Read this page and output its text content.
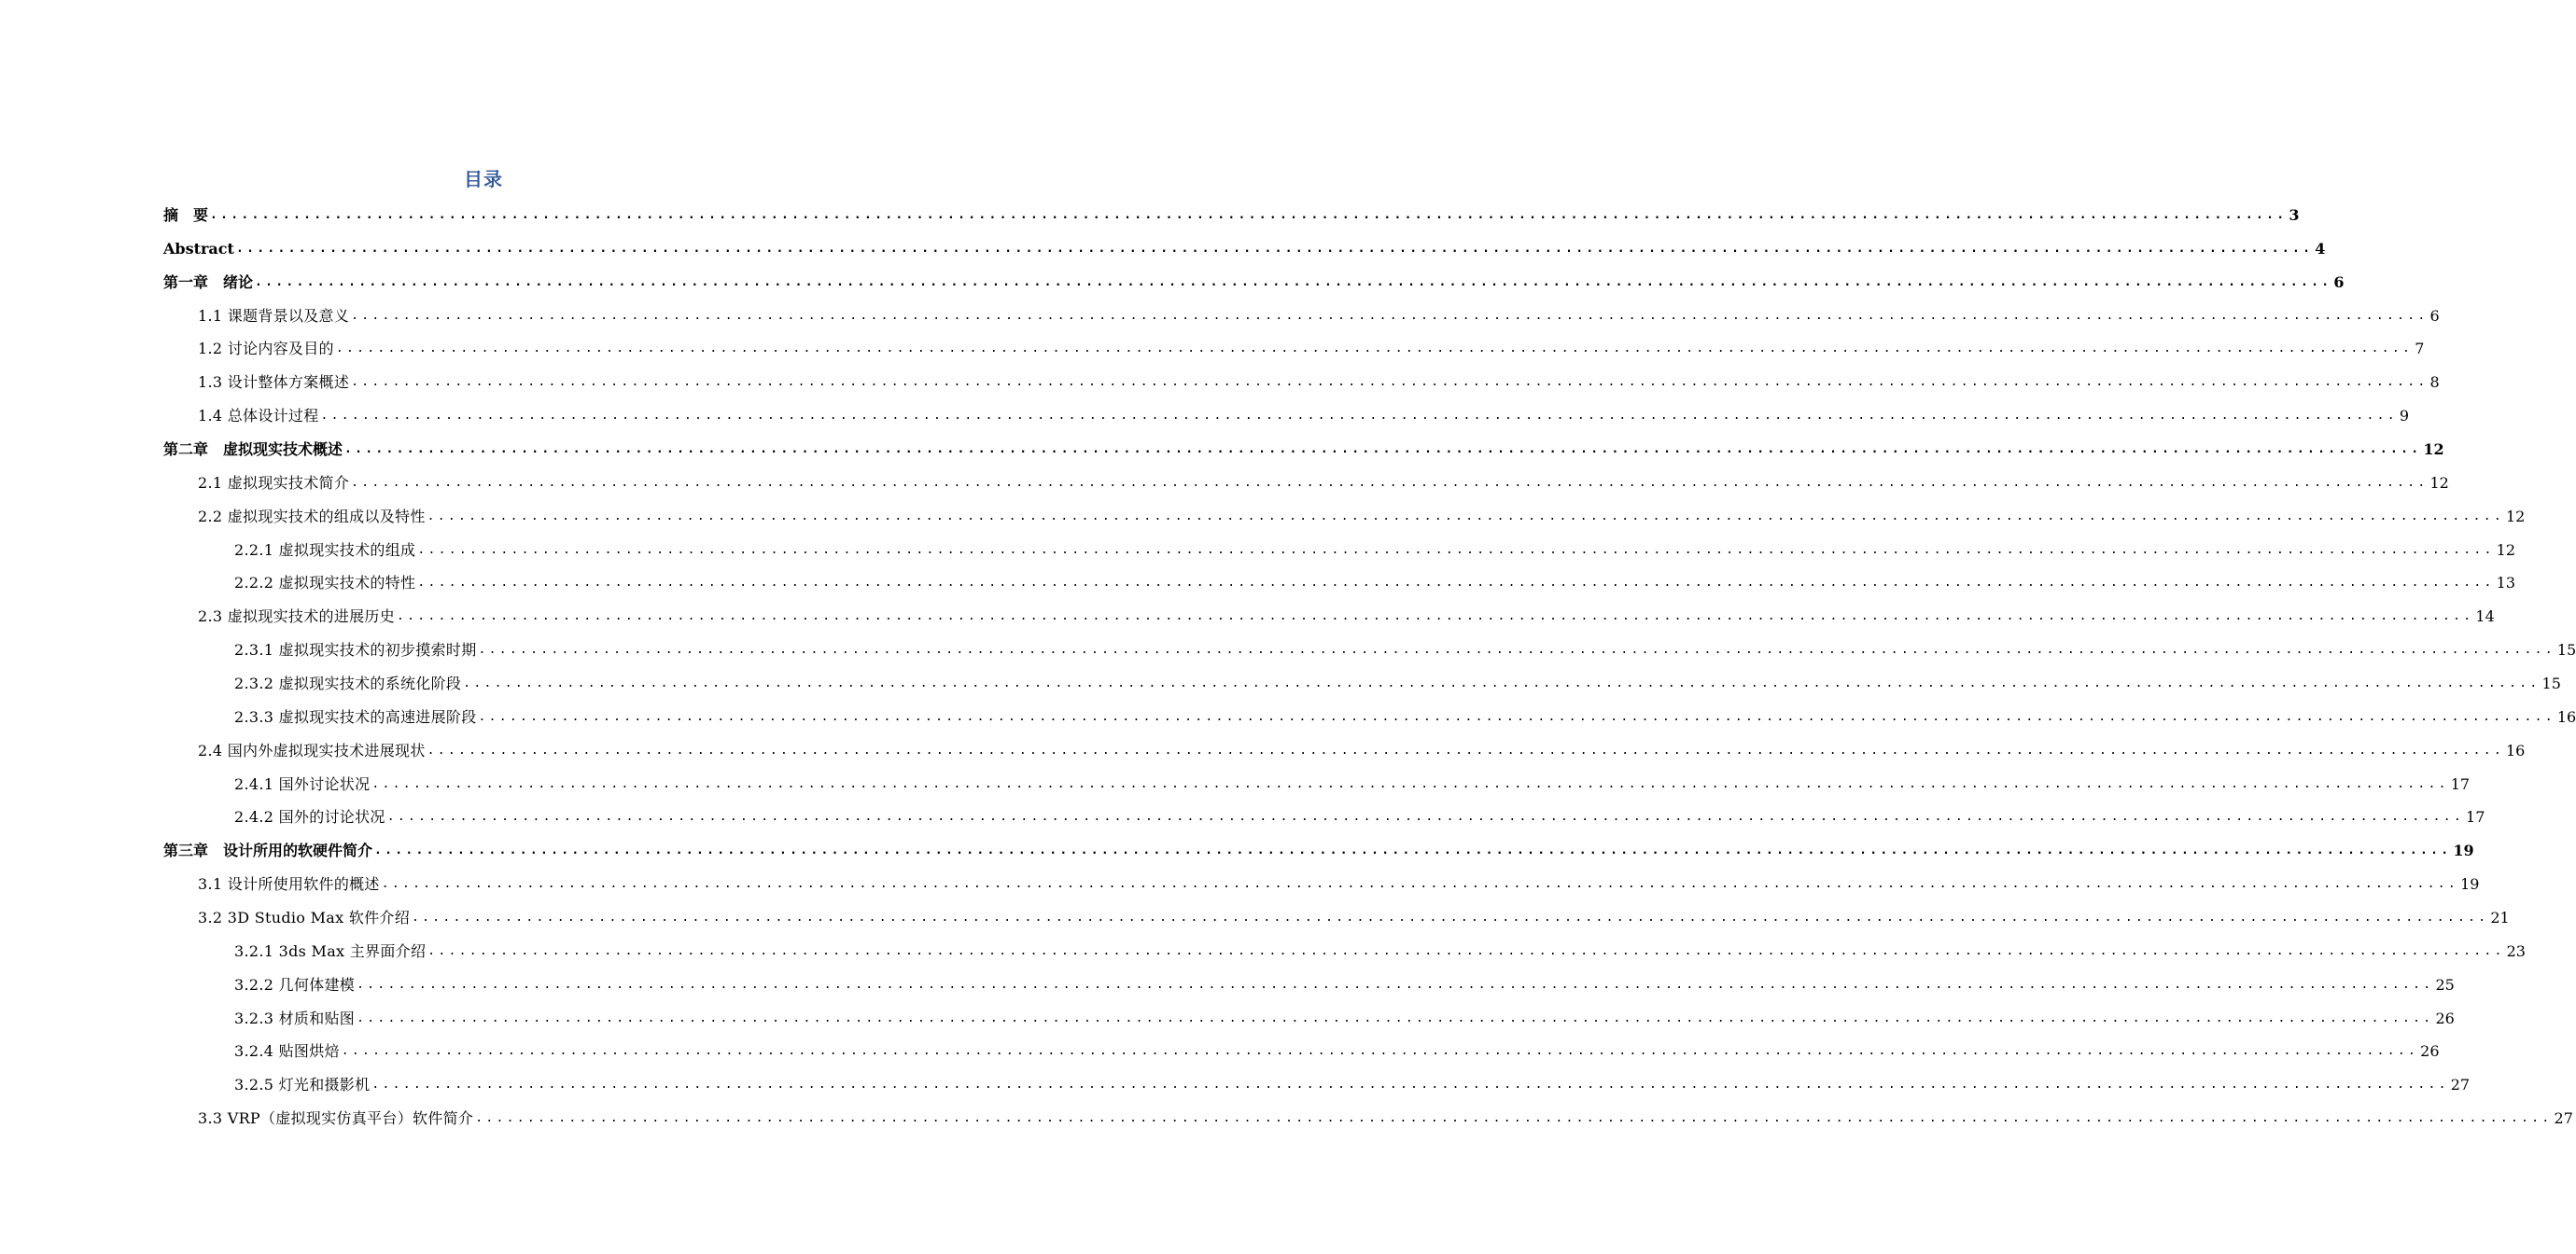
目录
摘　要 ........................................................................................................................................................................................................ 3
Abstract ........................................................................................................................................................................................................ 4
第一章　绪论 ........................................................................................................................................................................................................ 6
1.1 课题背景以及意义 ........................................................................................................................................................................................................ 6
1.2 讨论内容及目的 ........................................................................................................................................................................................................ 7
1.3 设计整体方案概述 ........................................................................................................................................................................................................ 8
1.4 总体设计过程 ........................................................................................................................................................................................................ 9
第二章　虚拟现实技术概述 ........................................................................................................................................................................................................ 12
2.1 虚拟现实技术简介 ........................................................................................................................................................................................................ 12
2.2 虚拟现实技术的组成以及特性 ........................................................................................................................................................................................................ 12
2.2.1 虚拟现实技术的组成 ........................................................................................................................................................................................................ 12
2.2.2 虚拟现实技术的特性 ........................................................................................................................................................................................................ 13
2.3 虚拟现实技术的进展历史 ........................................................................................................................................................................................................ 14
2.3.1 虚拟现实技术的初步摸索时期 ........................................................................................................................................................................................................ 15
2.3.2 虚拟现实技术的系统化阶段 ........................................................................................................................................................................................................ 15
2.3.3 虚拟现实技术的高速进展阶段 ........................................................................................................................................................................................................ 16
2.4 国内外虚拟现实技术进展现状 ........................................................................................................................................................................................................ 16
2.4.1 国外讨论状况 ........................................................................................................................................................................................................ 17
2.4.2 国外的讨论状况 ........................................................................................................................................................................................................ 17
第三章　设计所用的软硬件简介 ........................................................................................................................................................................................................ 19
3.1 设计所使用软件的概述 ........................................................................................................................................................................................................ 19
3.2 3D Studio Max 软件介绍 ........................................................................................................................................................................................................ 21
3.2.1 3ds Max 主界面介绍 ........................................................................................................................................................................................................ 23
3.2.2 几何体建模 ........................................................................................................................................................................................................ 25
3.2.3 材质和贴图 ........................................................................................................................................................................................................ 26
3.2.4 贴图烘焙 ........................................................................................................................................................................................................ 26
3.2.5 灯光和摄影机 ........................................................................................................................................................................................................ 27
3.3 VRP（虚拟现实仿真平台）软件简介 ........................................................................................................................................................................................................ 27
